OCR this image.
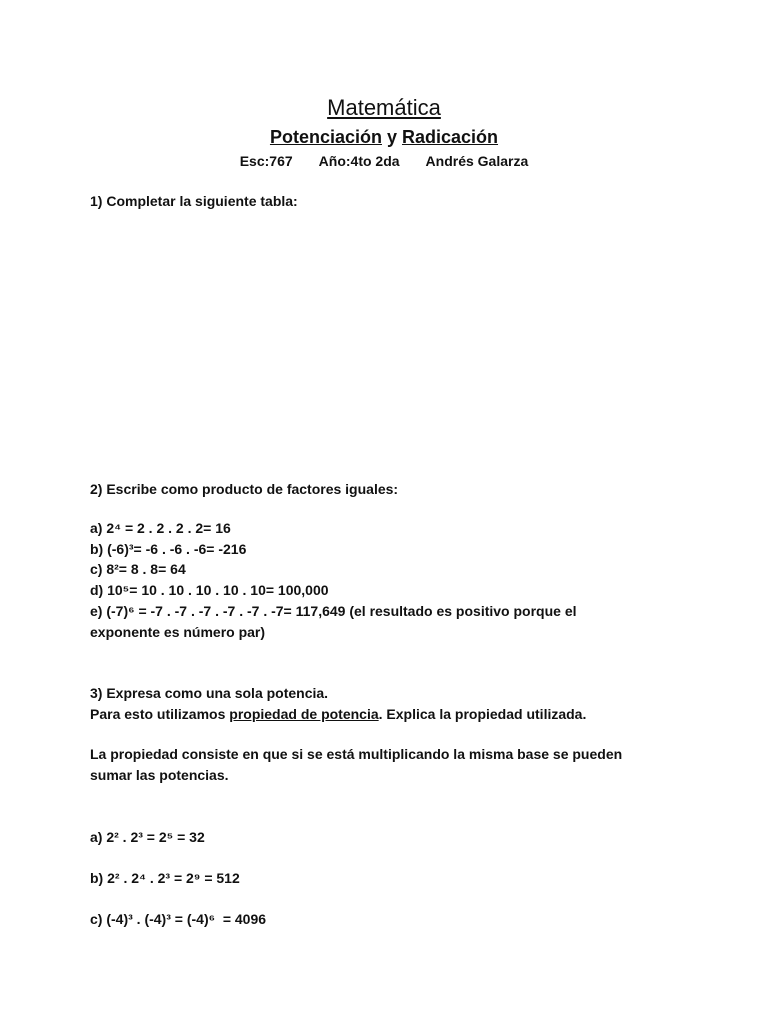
Matemática
Potenciación y Radicación
Esc:767 Año:4to 2da Andrés Galarza
1) Completar la siguiente tabla:
2) Escribe como producto de factores iguales:
a) 2⁴ = 2 . 2 . 2 . 2= 16
b) (-6)³= -6 . -6 . -6= -216
c) 8²= 8 . 8= 64
d) 10⁵= 10 . 10 . 10 . 10 . 10= 100,000
e) (-7)⁶ = -7 . -7 . -7 . -7 . -7 . -7= 117,649 (el resultado es positivo porque el
exponente es número par)
3) Expresa como una sola potencia.
Para esto utilizamos propiedad de potencia. Explica la propiedad utilizada.
La propiedad consiste en que si se está multiplicando la misma base se pueden
sumar las potencias.
a) 2² . 2³ = 2⁵ = 32
b) 2² . 2⁴ . 2³ = 2⁹ = 512
c) (-4)³ . (-4)³ = (-4)⁶  = 4096
